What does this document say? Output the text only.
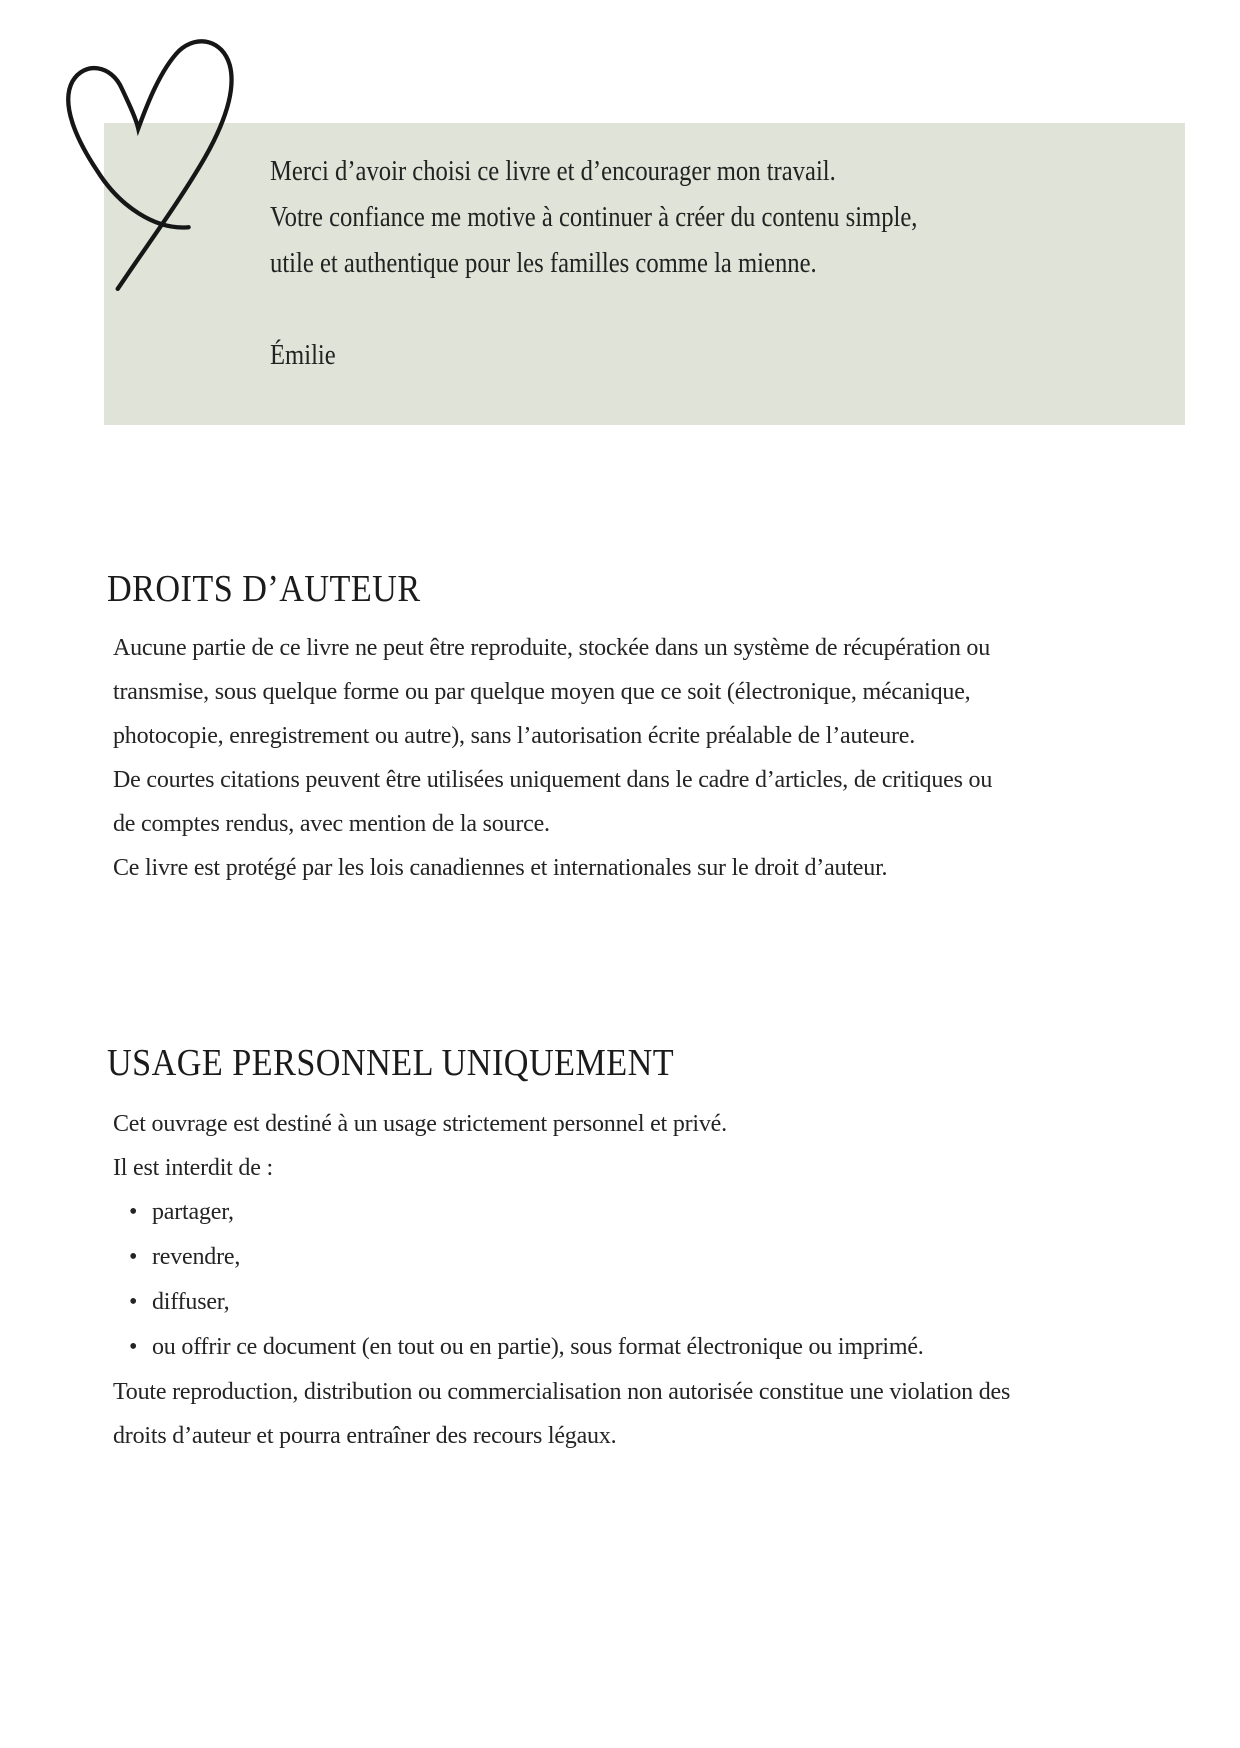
Merci d’avoir choisi ce livre et d’encourager mon travail.
Votre confiance me motive à continuer à créer du contenu simple,
utile et authentique pour les familles comme la mienne.
Émilie
DROITS D’AUTEUR

Aucune partie de ce livre ne peut être reproduite, stockée dans un système de récupération ou transmise, sous quelque forme ou par quelque moyen que ce soit (électronique, mécanique, photocopie, enregistrement ou autre), sans l’autorisation écrite préalable de l’auteure.

De courtes citations peuvent être utilisées uniquement dans le cadre d’articles, de critiques ou de comptes rendus, avec mention de la source.

Ce livre est protégé par les lois canadiennes et internationales sur le droit d’auteur.

USAGE PERSONNEL UNIQUEMENT

Cet ouvrage est destiné à un usage strictement personnel et privé.

Il est interdit de :

•
partager,
•
revendre,
•
diffuser,
•
ou offrir ce document (en tout ou en partie), sous format électronique ou imprimé.

Toute reproduction, distribution ou commercialisation non autorisée constitue une violation des droits d’auteur et pourra entraîner des recours légaux.
